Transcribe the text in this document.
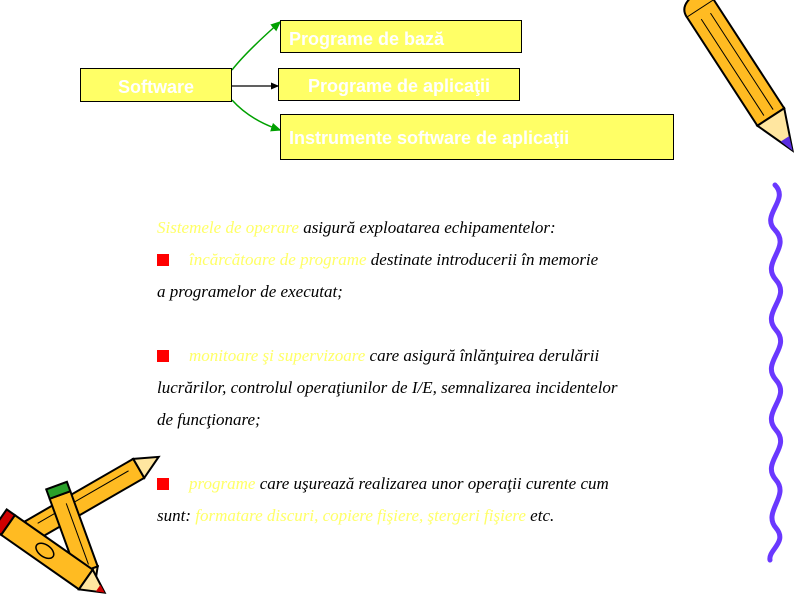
Software
Programe de bază
Programe de aplicaţii
Instrumente software de aplicaţii

Sistemele de operare asigură exploatarea echipamentelor:

încărcătoare de programe destinate introducerii în memorie

a programelor de executat;

monitoare şi supervizoare care asigură înlănţuirea derulării

lucrărilor, controlul operaţiunilor de I/E, semnalizarea incidentelor

de funcţionare;

programe care uşurează realizarea unor operaţii curente cum

sunt: formatare discuri, copiere fişiere, ştergeri fişiere etc.
